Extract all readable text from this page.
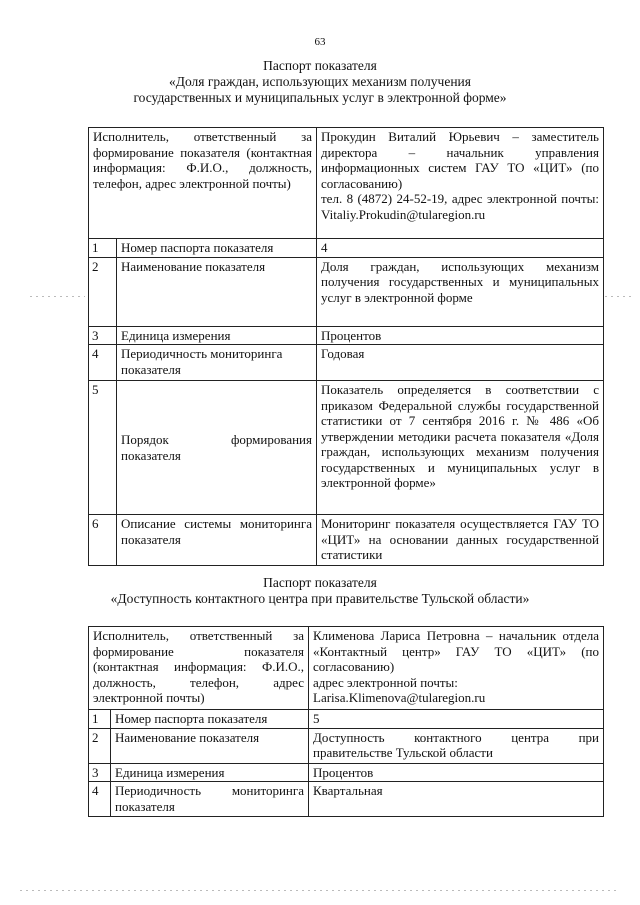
63
Паспорт показателя
«Доля граждан, использующих механизм получения
государственных и муниципальных услуг в электронной форме»
Исполнитель, ответственный за формирование показателя (контактная информация: Ф.И.О., должность, телефон, адрес электронной почты)		Прокудин Виталий Юрьевич – заместитель директора – начальник управления информационных систем ГАУ ТО «ЦИТ» (по согласованию)
тел. 8 (4872) 24-52-19, адрес электронной почты: Vitaliy.Prokudin@tularegion.ru

1	Номер паспорта показателя	4
2	Наименование показателя	Доля граждан, использующих механизм получения государственных и муниципальных услуг в электронной форме
3	Единица измерения	Процентов
4	Периодичность мониторинга показателя	Годовая
5	Порядок формирования показателя	Показатель определяется в соответствии с приказом Федеральной службы государственной статистики от 7 сентября 2016 г. № 486 «Об утверждении методики расчета показателя «Доля граждан, использующих механизм получения государственных и муниципальных услуг в электронной форме»
6	Описание системы мониторинга показателя	Мониторинг показателя осуществляется ГАУ ТО «ЦИТ» на основании данных государственной статистики
Паспорт показателя
«Доступность контактного центра при правительстве Тульской области»
Исполнитель, ответственный за формирование показателя (контактная информация: Ф.И.О., должность, телефон, адрес электронной почты)		Клименова Лариса Петровна – начальник отдела «Контактный центр» ГАУ ТО «ЦИТ» (по согласованию)
адрес электронной почты:
Larisa.Klimenova@tularegion.ru

1	Номер паспорта показателя	5
2	Наименование показателя	Доступность контактного центра при правительстве Тульской области
3	Единица измерения	Процентов
4	Периодичность мониторинга показателя	Квартальная
